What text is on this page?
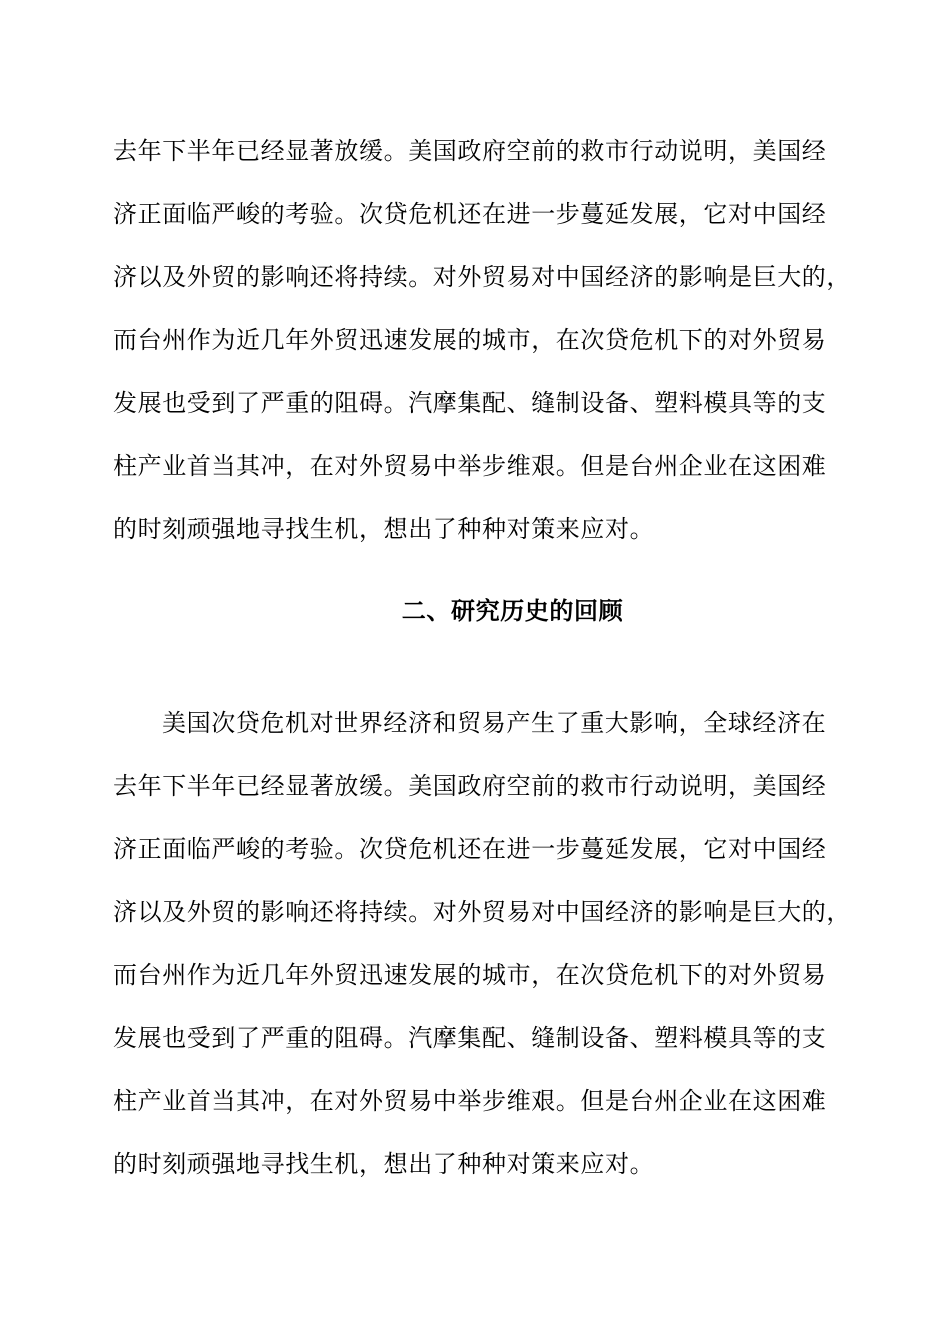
去年下半年已经显著放缓。美国政府空前的救市行动说明，美国经
济正面临严峻的考验。次贷危机还在进一步蔓延发展，它对中国经
济以及外贸的影响还将持续。对外贸易对中国经济的影响是巨大的，
而台州作为近几年外贸迅速发展的城市，在次贷危机下的对外贸易
发展也受到了严重的阻碍。汽摩集配、缝制设备、塑料模具等的支
柱产业首当其冲，在对外贸易中举步维艰。但是台州企业在这困难
的时刻顽强地寻找生机，想出了种种对策来应对。
二、研究历史的回顾
美国次贷危机对世界经济和贸易产生了重大影响，全球经济在
去年下半年已经显著放缓。美国政府空前的救市行动说明，美国经
济正面临严峻的考验。次贷危机还在进一步蔓延发展，它对中国经
济以及外贸的影响还将持续。对外贸易对中国经济的影响是巨大的，
而台州作为近几年外贸迅速发展的城市，在次贷危机下的对外贸易
发展也受到了严重的阻碍。汽摩集配、缝制设备、塑料模具等的支
柱产业首当其冲，在对外贸易中举步维艰。但是台州企业在这困难
的时刻顽强地寻找生机，想出了种种对策来应对。
